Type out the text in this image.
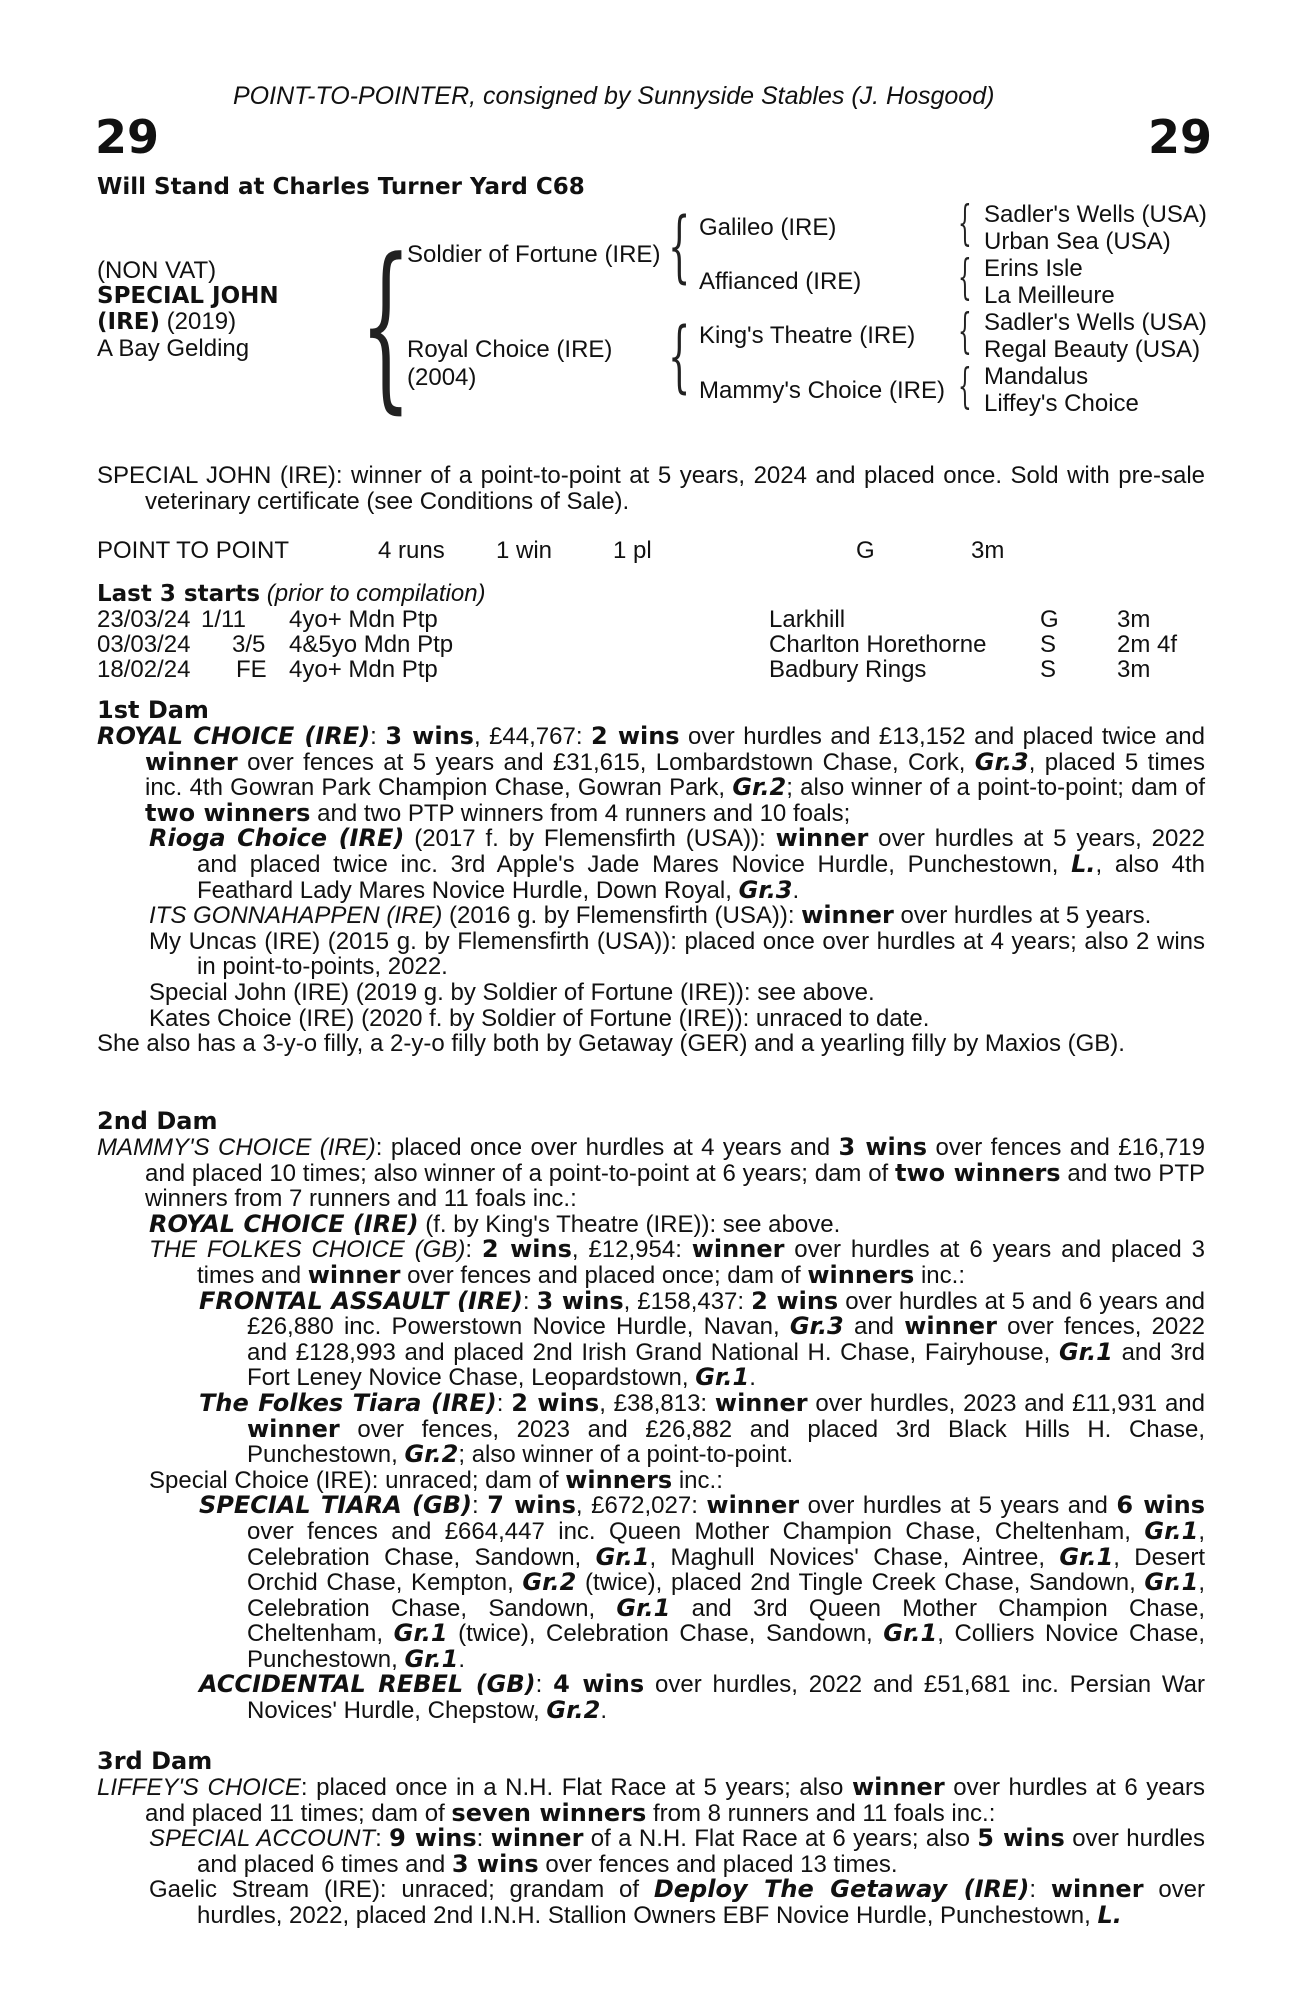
POINT-TO-POINTER, consigned by Sunnyside Stables (J. Hosgood)
29	29
Will Stand at Charles Turner Yard C68
(NON VAT)
SPECIAL JOHN
(IRE) (2019)
A Bay Gelding {
Soldier of Fortune (IRE)
Royal Choice (IRE)
(2004)
{
{
Galileo (IRE)
Affianced (IRE)
King's Theatre (IRE)
Mammy's Choice (IRE)
{
{
{
{
Sadler's Wells (USA)
Urban Sea (USA)
Erins Isle
La Meilleure
Sadler's Wells (USA)
Regal Beauty (USA)
Mandalus
Liffey's Choice

SPECIAL JOHN (IRE): winner of a point-to-point at 5 years, 2024 and placed once. Sold with pre-sale veterinary certificate (see Conditions of Sale).

POINT TO POINT	4 runs 1 win	1 pl	G	3m
Last 3 starts (prior to compilation)
23/03/24 1/11 4yo+ Mdn Ptp	Larkhill	G 3m
03/03/24 3/5 4&5yo Mdn Ptp	Charlton Horethorne S	2m 4f
18/02/24 FE 4yo+ Mdn Ptp	Badbury Rings	S	3m
1st Dam

ROYAL CHOICE (IRE): 3 wins, £44,767: 2 wins over hurdles and £13,152 and placed twice and winner over fences at 5 years and £31,615, Lombardstown Chase, Cork, Gr.3, placed 5 times inc. 4th Gowran Park Champion Chase, Gowran Park, Gr.2; also winner of a point-to-point; dam of two winners and two PTP winners from 4 runners and 10 foals;

Rioga Choice (IRE) (2017 f. by Flemensfirth (USA)): winner over hurdles at 5 years, 2022 and placed twice inc. 3rd Apple's Jade Mares Novice Hurdle, Punchestown, L., also 4th Feathard Lady Mares Novice Hurdle, Down Royal, Gr.3.

ITS GONNAHAPPEN (IRE) (2016 g. by Flemensfirth (USA)): winner over hurdles at 5 years.

My Uncas (IRE) (2015 g. by Flemensfirth (USA)): placed once over hurdles at 4 years; also 2 wins in point-to-points, 2022.

Special John (IRE) (2019 g. by Soldier of Fortune (IRE)): see above.

Kates Choice (IRE) (2020 f. by Soldier of Fortune (IRE)): unraced to date.

She also has a 3-y-o filly, a 2-y-o filly both by Getaway (GER) and a yearling filly by Maxios (GB).

2nd Dam

MAMMY'S CHOICE (IRE): placed once over hurdles at 4 years and 3 wins over fences and £16,719 and placed 10 times; also winner of a point-to-point at 6 years; dam of two winners and two PTP winners from 7 runners and 11 foals inc.:

ROYAL CHOICE (IRE) (f. by King's Theatre (IRE)): see above.

THE FOLKES CHOICE (GB): 2 wins, £12,954: winner over hurdles at 6 years and placed 3 times and winner over fences and placed once; dam of winners inc.:

FRONTAL ASSAULT (IRE): 3 wins, £158,437: 2 wins over hurdles at 5 and 6 years and £26,880 inc. Powerstown Novice Hurdle, Navan, Gr.3 and winner over fences, 2022 and £128,993 and placed 2nd Irish Grand National H. Chase, Fairyhouse, Gr.1 and 3rd Fort Leney Novice Chase, Leopardstown, Gr.1.

The Folkes Tiara (IRE): 2 wins, £38,813: winner over hurdles, 2023 and £11,931 and winner over fences, 2023 and £26,882 and placed 3rd Black Hills H. Chase, Punchestown, Gr.2; also winner of a point-to-point.

Special Choice (IRE): unraced; dam of winners inc.:

SPECIAL TIARA (GB): 7 wins, £672,027: winner over hurdles at 5 years and 6 wins over fences and £664,447 inc. Queen Mother Champion Chase, Cheltenham, Gr.1, Celebration Chase, Sandown, Gr.1, Maghull Novices' Chase, Aintree, Gr.1, Desert Orchid Chase, Kempton, Gr.2 (twice), placed 2nd Tingle Creek Chase, Sandown, Gr.1, Celebration Chase, Sandown, Gr.1 and 3rd Queen Mother Champion Chase, Cheltenham, Gr.1 (twice), Celebration Chase, Sandown, Gr.1, Colliers Novice Chase, Punchestown, Gr.1.

ACCIDENTAL REBEL (GB): 4 wins over hurdles, 2022 and £51,681 inc. Persian War Novices' Hurdle, Chepstow, Gr.2.

3rd Dam

LIFFEY'S CHOICE: placed once in a N.H. Flat Race at 5 years; also winner over hurdles at 6 years and placed 11 times; dam of seven winners from 8 runners and 11 foals inc.:

SPECIAL ACCOUNT: 9 wins: winner of a N.H. Flat Race at 6 years; also 5 wins over hurdles and placed 6 times and 3 wins over fences and placed 13 times.

Gaelic Stream (IRE): unraced; grandam of Deploy The Getaway (IRE): winner over hurdles, 2022, placed 2nd I.N.H. Stallion Owners EBF Novice Hurdle, Punchestown, L.
